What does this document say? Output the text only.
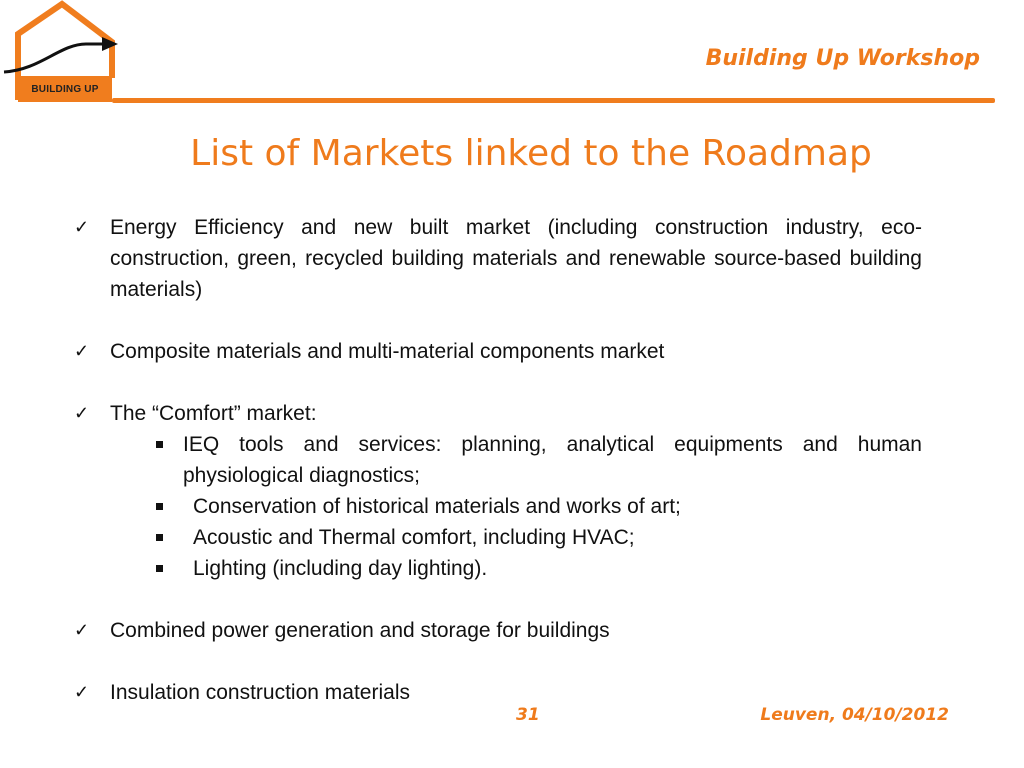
BUILDING UP
Building Up Workshop
List of Markets linked to the Roadmap
✓ Energy Efficiency and new built market (including construction industry, eco-construction, green, recycled building materials and renewable source-based building materials)
✓ Composite materials and multi-material components market
✓ The “Comfort” market:
IEQ tools and services: planning, analytical equipments and human physiological diagnostics;
Conservation of historical materials and works of art;
Acoustic and Thermal comfort, including HVAC;
Lighting (including day lighting).
✓ Combined power generation and storage for buildings
✓ Insulation construction materials
31	Leuven, 04/10/2012
